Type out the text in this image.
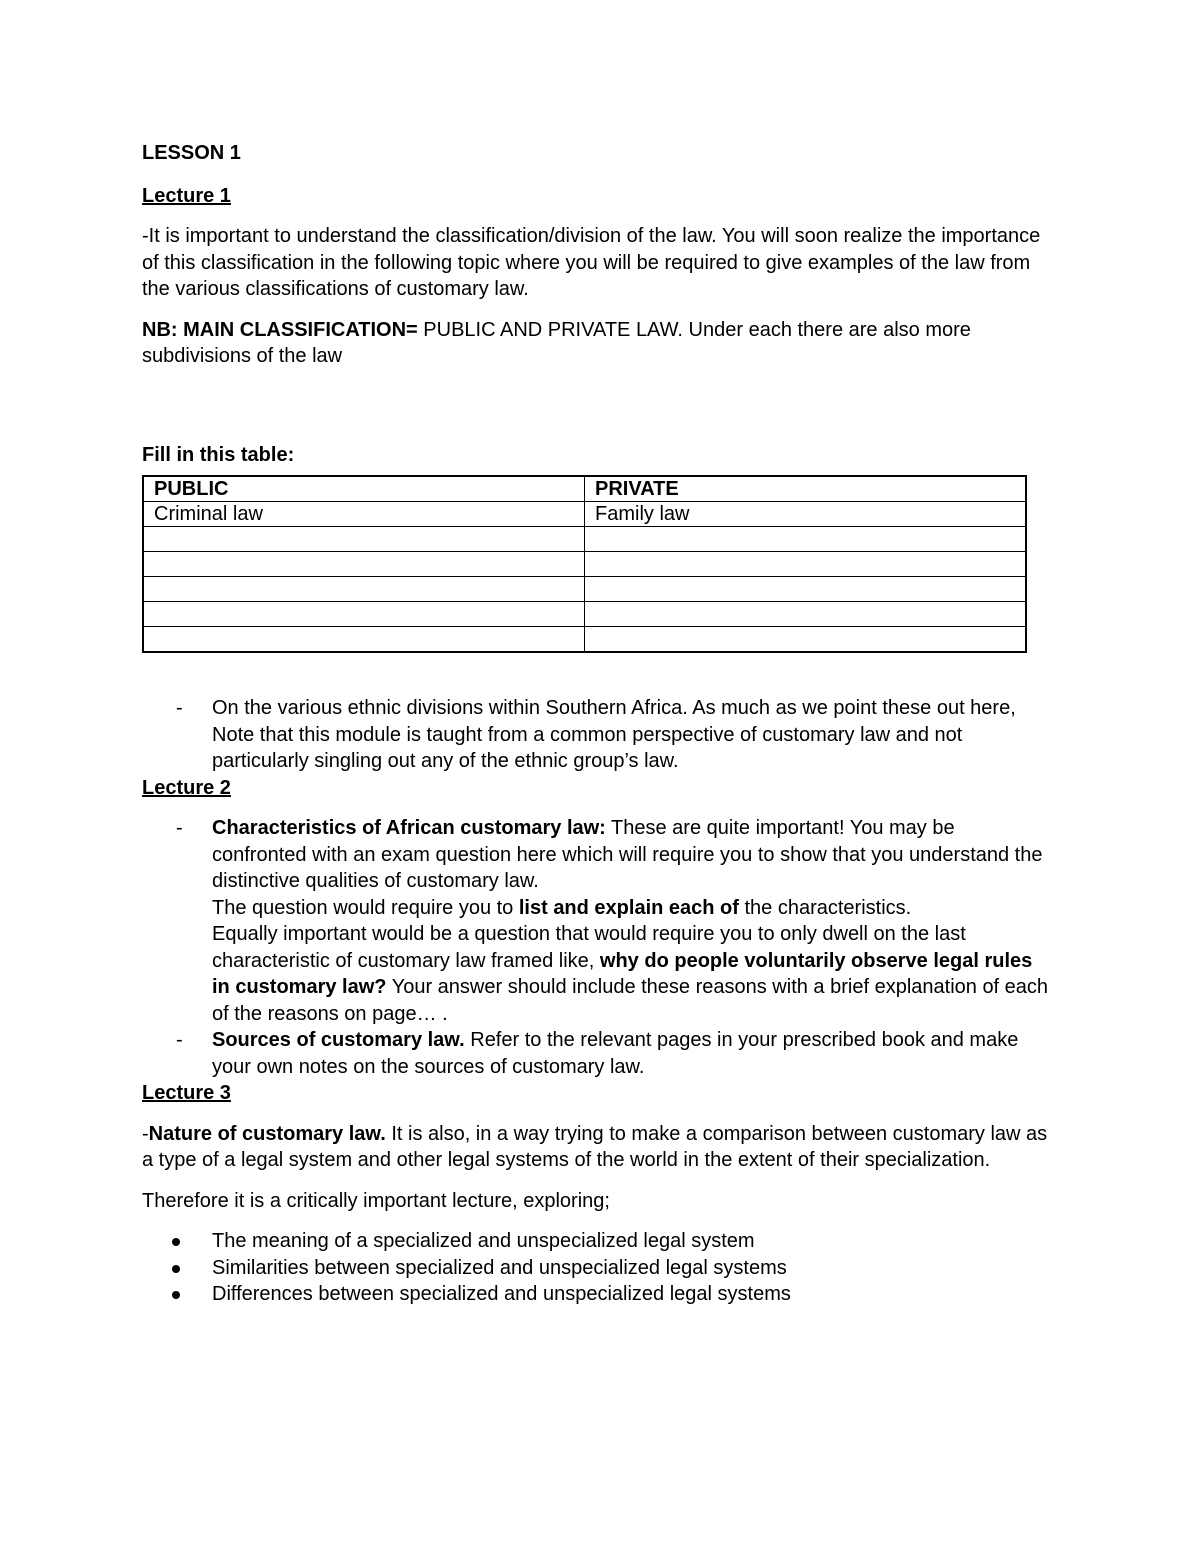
LESSON 1

Lecture 1

-It is important to understand the classification/division of the law. You will soon realize the importance of this classification in the following topic where you will be required to give examples of the law from the various classifications of customary law.

NB: MAIN CLASSIFICATION= PUBLIC AND PRIVATE LAW. Under each there are also more subdivisions of the law

Fill in this table:

PUBLIC	PRIVATE
Criminal law	Family law

- On the various ethnic divisions within Southern Africa. As much as we point these out here, Note that this module is taught from a common perspective of customary law and not particularly singling out any of the ethnic group’s law.

Lecture 2

- Characteristics of African customary law: These are quite important! You may be confronted with an exam question here which will require you to show that you understand the distinctive qualities of customary law.
The question would require you to list and explain each of the characteristics.
Equally important would be a question that would require you to only dwell on the last characteristic of customary law framed like, why do people voluntarily observe legal rules in customary law? Your answer should include these reasons with a brief explanation of each of the reasons on page… .
- Sources of customary law. Refer to the relevant pages in your prescribed book and make your own notes on the sources of customary law.

Lecture 3

-Nature of customary law. It is also, in a way trying to make a comparison between customary law as a type of a legal system and other legal systems of the world in the extent of their specialization.

Therefore it is a critically important lecture, exploring;

The meaning of a specialized and unspecialized legal system
Similarities between specialized and unspecialized legal systems
Differences between specialized and unspecialized legal systems
